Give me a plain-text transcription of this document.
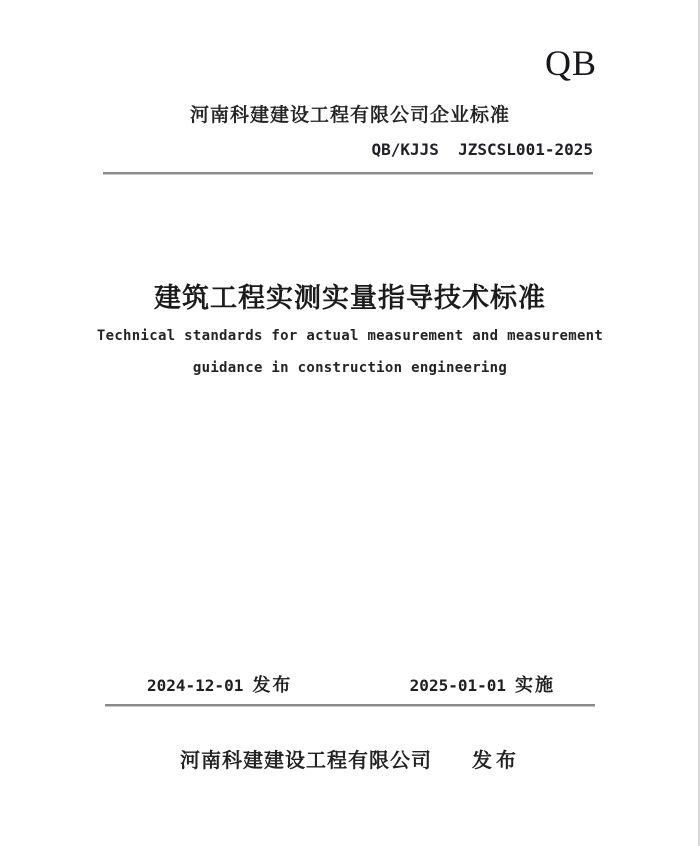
QB
河南科建建设工程有限公司企业标准
QB/KJJS  JZSCSL001-2025
建筑工程实测实量指导技术标准
Technical standards for actual measurement and measurement
guidance in construction engineering
2024-12-01 发布	2025-01-01 实施
河南科建建设工程有限公司 发布
